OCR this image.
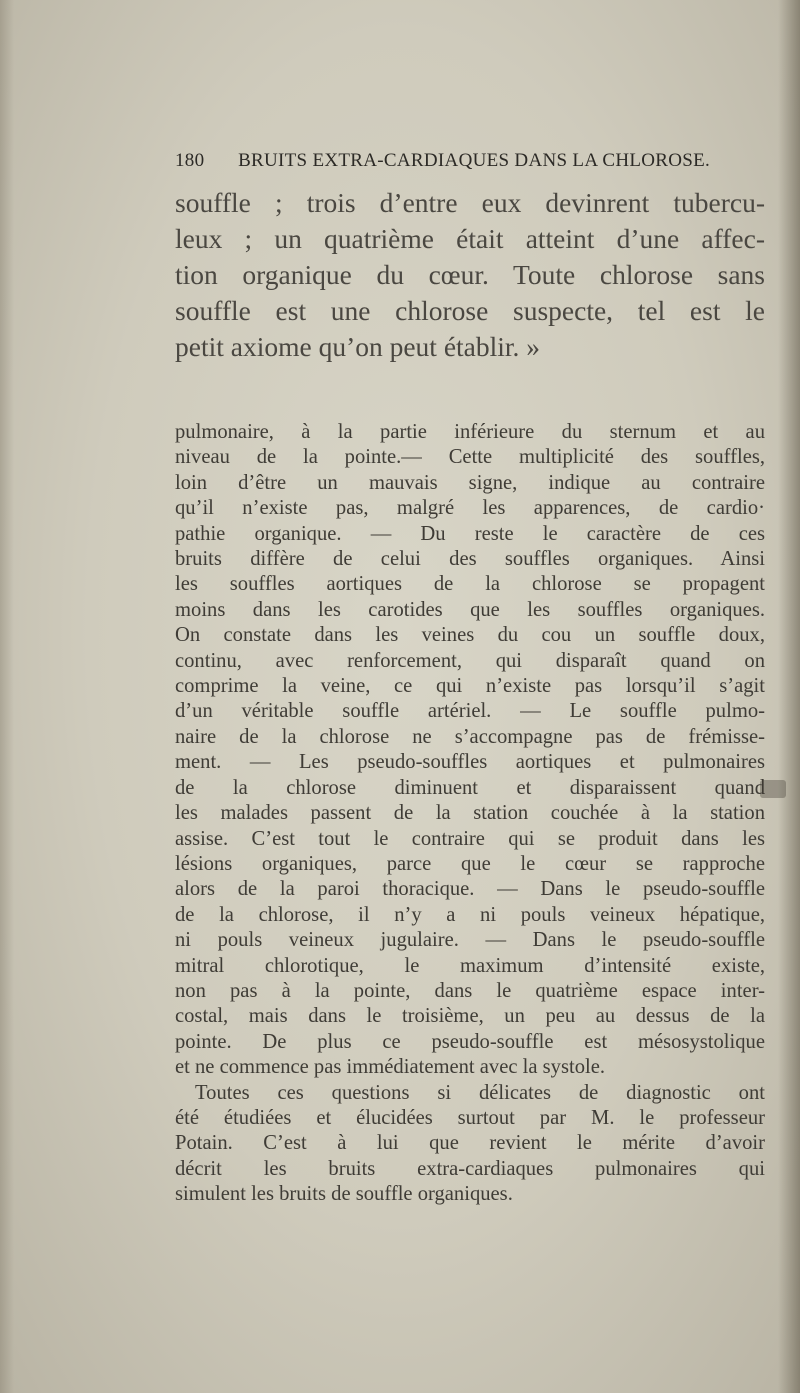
180 BRUITS EXTRA-CARDIAQUES DANS LA CHLOROSE.

souffle ; trois d’entre eux devinrent tubercu-

leux ; un quatrième était atteint d’une affec-

tion organique du cœur. Toute chlorose sans

souffle est une chlorose suspecte, tel est le

petit axiome qu’on peut établir. »

pulmonaire, à la partie inférieure du sternum et au

niveau de la pointe.— Cette multiplicité des souffles,

loin d’être un mauvais signe, indique au contraire

qu’il n’existe pas, malgré les apparences, de cardio·

pathie organique. — Du reste le caractère de ces

bruits diffère de celui des souffles organiques. Ainsi

les souffles aortiques de la chlorose se propagent

moins dans les carotides que les souffles organiques.

On constate dans les veines du cou un souffle doux,

continu, avec renforcement, qui disparaît quand on

comprime la veine, ce qui n’existe pas lorsqu’il s’agit

d’un véritable souffle artériel. — Le souffle pulmo-

naire de la chlorose ne s’accompagne pas de frémisse-

ment. — Les pseudo-souffles aortiques et pulmonaires

de la chlorose diminuent et disparaissent quand

les malades passent de la station couchée à la station

assise. C’est tout le contraire qui se produit dans les

lésions organiques, parce que le cœur se rapproche

alors de la paroi thoracique. — Dans le pseudo-souffle

de la chlorose, il n’y a ni pouls veineux hépatique,

ni pouls veineux jugulaire. — Dans le pseudo-souffle

mitral chlorotique, le maximum d’intensité existe,

non pas à la pointe, dans le quatrième espace inter-

costal, mais dans le troisième, un peu au dessus de la

pointe. De plus ce pseudo-souffle est mésosystolique

et ne commence pas immédiatement avec la systole.

Toutes ces questions si délicates de diagnostic ont

été étudiées et élucidées surtout par M. le professeur

Potain. C’est à lui que revient le mérite d’avoir

décrit les bruits extra-cardiaques pulmonaires qui

simulent les bruits de souffle organiques.
